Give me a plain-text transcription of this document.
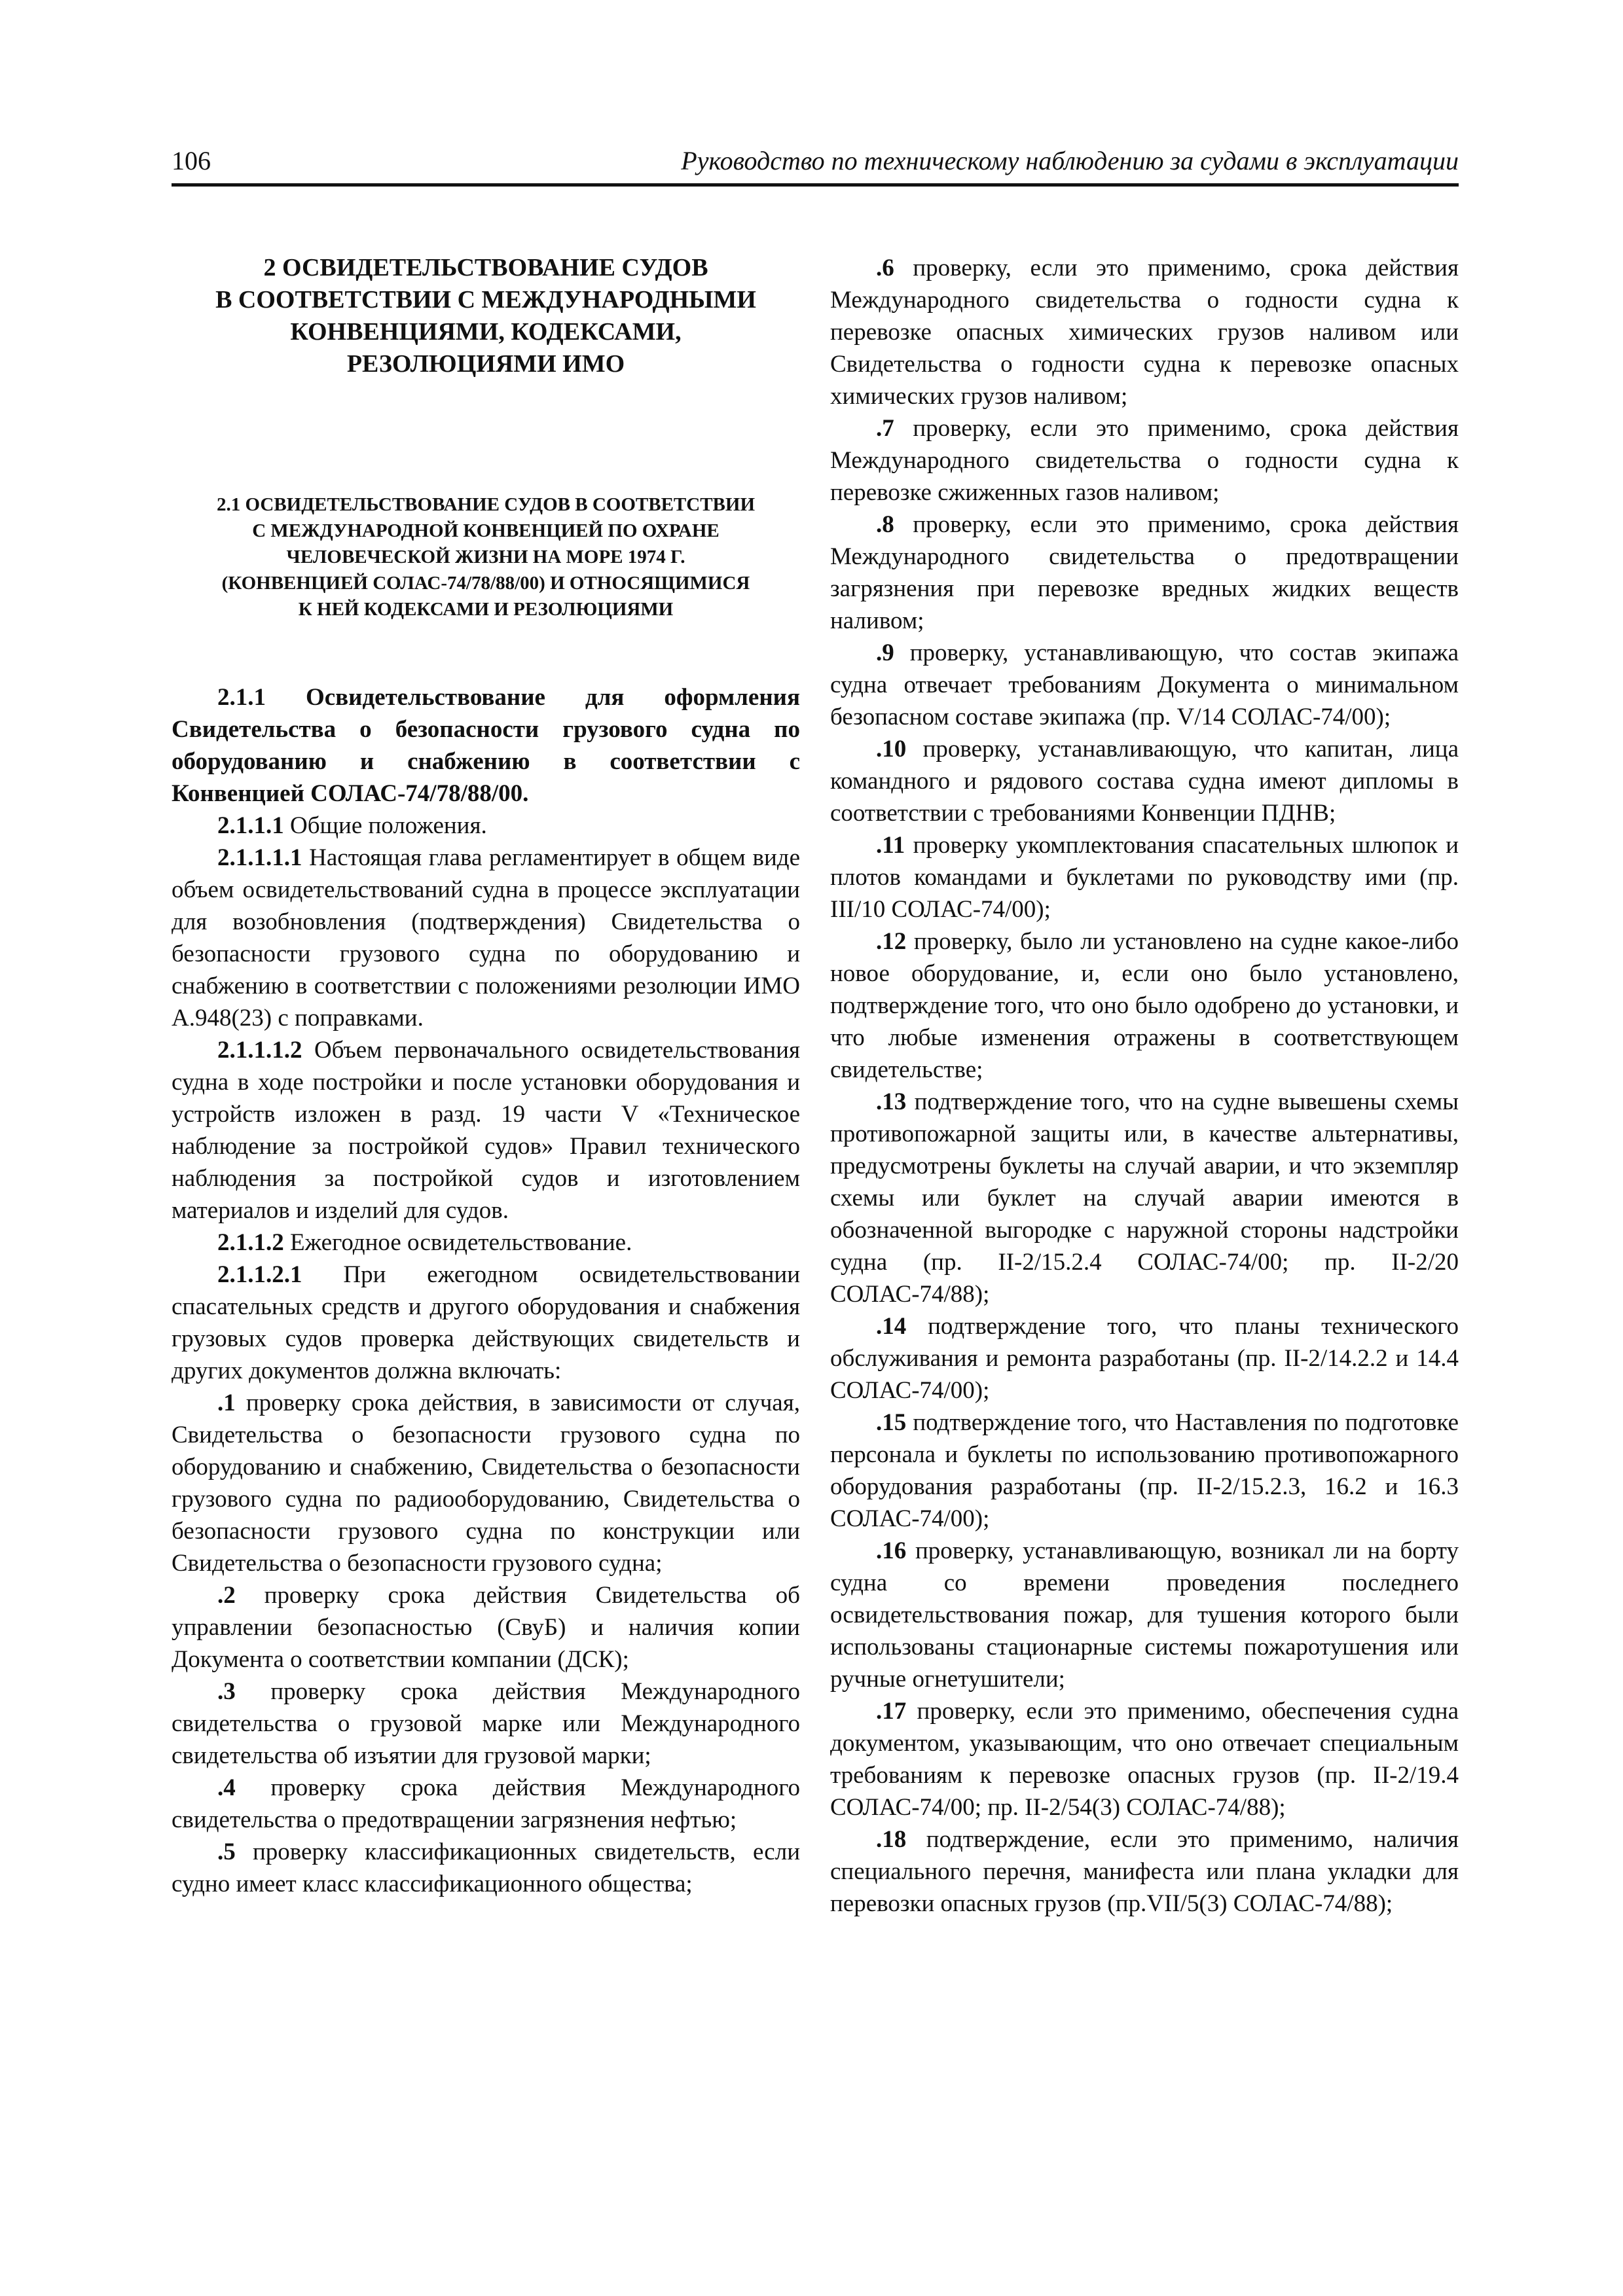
106	Руководство по техническому наблюдению за судами в эксплуатации
2 ОСВИДЕТЕЛЬСТВОВАНИЕ СУДОВ
В СООТВЕТСТВИИ С МЕЖДУНАРОДНЫМИ
КОНВЕНЦИЯМИ, КОДЕКСАМИ,
РЕЗОЛЮЦИЯМИ ИМО
2.1 ОСВИДЕТЕЛЬСТВОВАНИЕ СУДОВ В СООТВЕТСТВИИ
С МЕЖДУНАРОДНОЙ КОНВЕНЦИЕЙ ПО ОХРАНЕ
ЧЕЛОВЕЧЕСКОЙ ЖИЗНИ НА МОРЕ 1974 Г.
(КОНВЕНЦИЕЙ СОЛАС-74/78/88/00) И ОТНОСЯЩИМИСЯ
К НЕЙ КОДЕКСАМИ И РЕЗОЛЮЦИЯМИ

2.1.1 Освидетельствование для оформления Свидетельства о безопасности грузового судна по оборудованию и снабжению в соответствии с Конвенцией СОЛАС-74/78/88/00.

2.1.1.1 Общие положения.

2.1.1.1.1 Настоящая глава регламентирует в общем виде объем освидетельствований судна в процессе эксплуатации для возобновления (подтверждения) Свидетельства о безопасности грузового судна по оборудованию и снабжению в соответствии с положениями резолюции ИМО А.948(23) с поправками.

2.1.1.1.2 Объем первоначального освидетельствования судна в ходе постройки и после установки оборудования и устройств изложен в разд. 19 части V «Техническое наблюдение за постройкой судов» Правил технического наблюдения за постройкой судов и изготовлением материалов и изделий для судов.

2.1.1.2 Ежегодное освидетельствование.

2.1.1.2.1 При ежегодном освидетельствовании спасательных средств и другого оборудования и снабжения грузовых судов проверка действующих свидетельств и других документов должна включать:

.1 проверку срока действия, в зависимости от случая, Свидетельства о безопасности грузового судна по оборудованию и снабжению, Свидетельства о безопасности грузового судна по радиооборудованию, Свидетельства о безопасности грузового судна по конструкции или Свидетельства о безопасности грузового судна;

.2 проверку срока действия Свидетельства об управлении безопасностью (СвуБ) и наличия копии Документа о соответствии компании (ДСК);

.3 проверку срока действия Международного свидетельства о грузовой марке или Международного свидетельства об изъятии для грузовой марки;

.4 проверку срока действия Международного свидетельства о предотвращении загрязнения нефтью;

.5 проверку классификационных свидетельств, если судно имеет класс классификационного общества;

.6 проверку, если это применимо, срока действия Международного свидетельства о годности судна к перевозке опасных химических грузов наливом или Свидетельства о годности судна к перевозке опасных химических грузов наливом;

.7 проверку, если это применимо, срока действия Международного свидетельства о годности судна к перевозке сжиженных газов наливом;

.8 проверку, если это применимо, срока действия Международного свидетельства о предотвращении загрязнения при перевозке вредных жидких веществ наливом;

.9 проверку, устанавливающую, что состав экипажа судна отвечает требованиям Документа о минимальном безопасном составе экипажа (пр. V/14 СОЛАС-74/00);

.10 проверку, устанавливающую, что капитан, лица командного и рядового состава судна имеют дипломы в соответствии с требованиями Конвенции ПДНВ;

.11 проверку укомплектования спасательных шлюпок и плотов командами и буклетами по руководству ими (пр. III/10 СОЛАС-74/00);

.12 проверку, было ли установлено на судне какое-либо новое оборудование, и, если оно было установлено, подтверждение того, что оно было одобрено до установки, и что любые изменения отражены в соответствующем свидетельстве;

.13 подтверждение того, что на судне вывешены схемы противопожарной защиты или, в качестве альтернативы, предусмотрены буклеты на случай аварии, и что экземпляр схемы или буклет на случай аварии имеются в обозначенной выгородке с наружной стороны надстройки судна (пр. II-2/15.2.4 СОЛАС-74/00; пр. II-2/20 СОЛАС-74/88);

.14 подтверждение того, что планы технического обслуживания и ремонта разработаны (пр. II-2/14.2.2 и 14.4 СОЛАС-74/00);

.15 подтверждение того, что Наставления по подготовке персонала и буклеты по использованию противопожарного оборудования разработаны (пр. II-2/15.2.3, 16.2 и 16.3 СОЛАС-74/00);

.16 проверку, устанавливающую, возникал ли на борту судна со времени проведения последнего освидетельствования пожар, для тушения которого были использованы стационарные системы пожаротушения или ручные огнетушители;

.17 проверку, если это применимо, обеспечения судна документом, указывающим, что оно отвечает специальным требованиям к перевозке опасных грузов (пр. II-2/19.4 СОЛАС-74/00; пр. II-2/54(3) СОЛАС-74/88);

.18 подтверждение, если это применимо, наличия специального перечня, манифеста или плана укладки для перевозки опасных грузов (пр.VII/5(3) СОЛАС-74/88);
